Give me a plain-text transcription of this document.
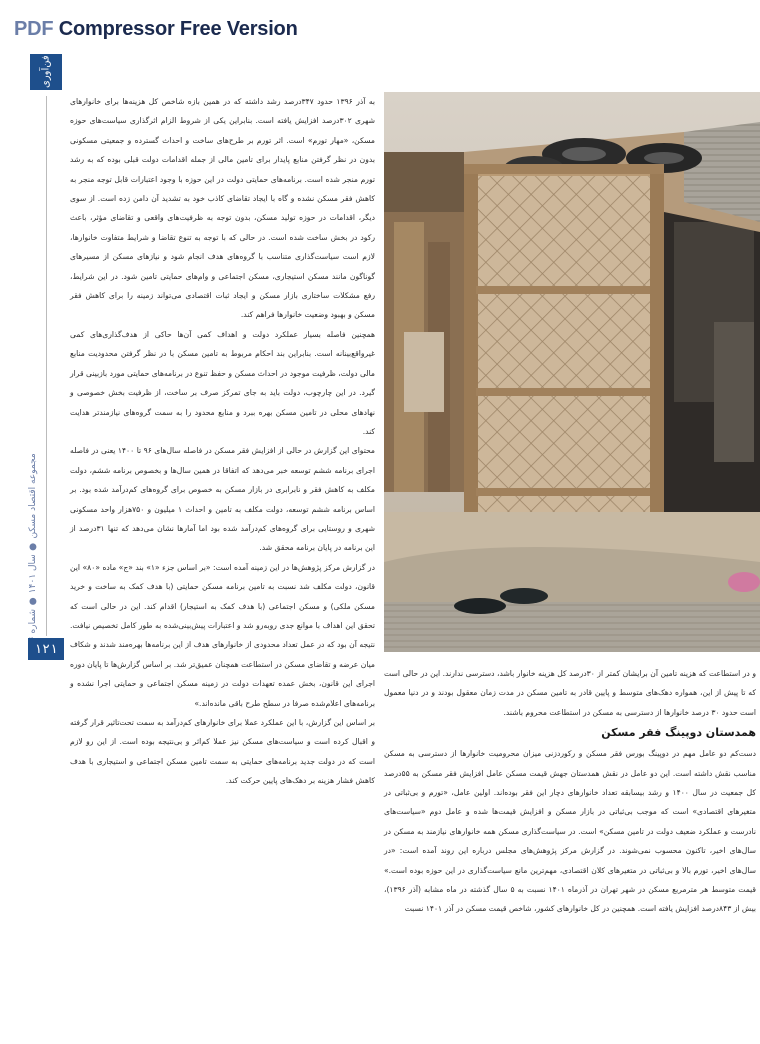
PDF Compressor Free Version
فن‌آوری
مجموعه اقتصاد مسکن ● سال ۱۴۰۱ ● شماره
۱۲۱

و در استطاعت که هزینه تامین آن برایشان کمتر از ۳۰درصد کل هزینه خانوار باشد، دسترسی ندارند. این در حالی است که تا پیش از این، همواره دهک‌های متوسط و پایین قادر به تامین مسکن در مدت زمان معقول بودند و در دنیا معمول است حدود ۳۰ درصد خانوارها از دسترسی به مسکن در استطاعت محروم باشند.

همدستان دوپینگ فقر مسکن

دست‌کم دو عامل مهم در دوپینگ بورس فقر مسکن و رکوردزنی میزان محرومیت خانوارها از دسترسی به مسکن مناسب نقش داشته است. این دو عامل در نقش همدستان جهش قیمت مسکن عامل افزایش فقر مسکن به ۵۵درصد کل جمعیت در سال ۱۴۰۰ و رشد بیسابقه تعداد خانوارهای دچار این فقر بوده‌اند. اولین عامل، «تورم و بی‌ثباتی در متغیرهای اقتصادی» است که موجب بی‌ثباتی در بازار مسکن و افزایش قیمت‌ها شده و عامل دوم «سیاست‌های نادرست و عملکرد ضعیف دولت در تامین مسکن» است. در سیاست‌گذاری مسکن همه خانوارهای نیازمند به مسکن در سال‌های اخیر، تاکنون محسوب نمی‌شوند. در گزارش مرکز پژوهش‌های مجلس درباره این روند آمده است: «در سال‌های اخیر، تورم بالا و بی‌ثباتی در متغیرهای کلان اقتصادی، مهم‌ترین مانع سیاست‌گذاری در این حوزه بوده است.» قیمت متوسط هر مترمربع مسکن در شهر تهران در آذرماه ۱۴۰۱ نسبت به ۵ سال گذشته در ماه مشابه (آذر ۱۳۹۶)، بیش از ۸۴۳درصد افزایش یافته است. همچنین در کل خانوارهای کشور، شاخص قیمت مسکن در آذر ۱۴۰۱ نسبت

به آذر ۱۳۹۶ حدود ۳۴۷درصد رشد داشته که در همین بازه شاخص کل هزینه‌ها برای خانوارهای شهری ۳۰۲درصد افزایش یافته است. بنابراین یکی از شروط الزام اثرگذاری سیاست‌های حوزه مسکن، «مهار تورم» است. اثر تورم بر طرح‌های ساخت و احداث گسترده و جمعیتی مسکونی بدون در نظر گرفتن منابع پایدار برای تامین مالی از جمله اقدامات دولت قبلی بوده که به رشد تورم منجر شده است. برنامه‌های حمایتی دولت در این حوزه با وجود اعتبارات قابل توجه منجر به کاهش فقر مسکن نشده و گاه با ایجاد تقاضای کاذب خود به تشدید آن دامن زده است. از سوی دیگر، اقدامات در حوزه تولید مسکن، بدون توجه به ظرفیت‌های واقعی و تقاضای مؤثر، باعث رکود در بخش ساخت شده است. در حالی که با توجه به تنوع تقاضا و شرایط متفاوت خانوارها، لازم است سیاست‌گذاری متناسب با گروه‌های هدف انجام شود و نیازهای مسکن از مسیرهای گوناگون مانند مسکن استیجاری، مسکن اجتماعی و وام‌های حمایتی تامین شود. در این شرایط، رفع مشکلات ساختاری بازار مسکن و ایجاد ثبات اقتصادی می‌تواند زمینه را برای کاهش فقر مسکن و بهبود وضعیت خانوارها فراهم کند.

همچنین فاصله بسیار عملکرد دولت و اهداف کمی آن‌ها حاکی از هدف‌گذاری‌های کمی غیرواقع‌بینانه است. بنابراین بند احکام مربوط به تامین مسکن با در نظر گرفتن محدودیت منابع مالی دولت، ظرفیت موجود در احداث مسکن و حفظ تنوع در برنامه‌های حمایتی مورد بازبینی قرار گیرد. در این چارچوب، دولت باید به جای تمرکز صرف بر ساخت، از ظرفیت بخش خصوصی و نهادهای محلی در تامین مسکن بهره ببرد و منابع محدود را به سمت گروه‌های نیازمندتر هدایت کند.

محتوای این گزارش در حالی از افزایش فقر مسکن در فاصله سال‌های ۹۶ تا ۱۴۰۰ یعنی در فاصله اجرای برنامه ششم توسعه خبر می‌دهد که اتفاقا در همین سال‌ها و بخصوص برنامه ششم، دولت مکلف به کاهش فقر و نابرابری در بازار مسکن به خصوص برای گروه‌های کم‌درآمد شده بود. بر اساس برنامه ششم توسعه، دولت مکلف به تامین و احداث ۱ میلیون و ۷۵۰هزار واحد مسکونی شهری و روستایی برای گروه‌های کم‌درآمد شده بود اما آمارها نشان می‌دهد که تنها ۳۱درصد از این برنامه در پایان برنامه محقق شد.

در گزارش مرکز پژوهش‌ها در این زمینه آمده است: «بر اساس جزء «۱» بند «ج» ماده «۸۰» این قانون، دولت مکلف شد نسبت به تامین برنامه مسکن حمایتی (با هدف کمک به ساخت و خرید مسکن ملکی) و مسکن اجتماعی (با هدف کمک به استیجار) اقدام کند. این در حالی است که تحقق این اهداف با موانع جدی روبه‌رو شد و اعتبارات پیش‌بینی‌شده به طور کامل تخصیص نیافت. نتیجه آن بود که در عمل تعداد محدودی از خانوارهای هدف از این برنامه‌ها بهره‌مند شدند و شکاف میان عرضه و تقاضای مسکن در استطاعت همچنان عمیق‌تر شد. بر اساس گزارش‌ها تا پایان دوره اجرای این قانون، بخش عمده تعهدات دولت در زمینه مسکن اجتماعی و حمایتی اجرا نشده و برنامه‌های اعلام‌شده صرفا در سطح طرح باقی مانده‌اند.»

بر اساس این گزارش، با این عملکرد عملا برای خانوارهای کم‌درآمد به سمت تحت‌تاثیر قرار گرفته و اقبال کرده است و سیاست‌های مسکن نیز عملا کم‌اثر و بی‌نتیجه بوده است. از این رو لازم است که در دولت جدید برنامه‌های حمایتی به سمت تامین مسکن اجتماعی و استیجاری با هدف کاهش فشار هزینه بر دهک‌های پایین حرکت کند.
